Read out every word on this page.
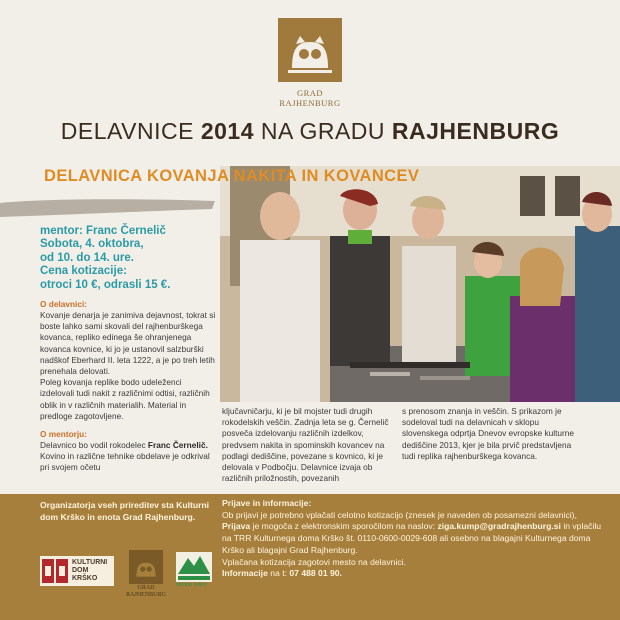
GRAD
RAJHENBURG
DELAVNICE 2014 NA GRADU RAJHENBURG
DELAVNICA KOVANJA NAKITA IN KOVANCEV
mentor: Franc Černelič
Sobota, 4. oktobra,
od 10. do 14. ure.
Cena kotizacije:
otroci 10 €, odrasli 15 €.
O delavnici:
Kovanje denarja je zanimiva dejavnost, tokrat si boste lahko sami skovali del rajhenburškega kovanca, repliko edinega še ohranjenega kovanca kovnice, ki jo je ustanovil salzburški nadškof Eberhard II. leta 1222, a je po treh letih prenehala delovati.
Poleg kovanja replike bodo udeleženci izdelovali tudi nakit z različnimi odtisi, različnih oblik in v različnih materialih. Material in predloge zagotovljene.
O mentorju:
Delavnico bo vodil rokodelec Franc Černelič. Kovino in različne tehnike obdelave je odkrival pri svojem očetu
ključavničarju, ki je bil mojster tudi drugih rokodelskih veščin. Zadnja leta se g. Černelič posveča izdelovanju različnih izdelkov, predvsem nakita in spominskih kovancev na podlagi dediščine, povezane s kovnico, ki je delovala v Podbočju. Delavnice izvaja ob različnih priložnostih, povezanih
s prenosom znanja in veščin. S prikazom je sodeloval tudi na delavnicah v sklopu slovenskega odprtja Dnevov evropske kulturne dediščine 2013, kjer je bila prvič predstavljena tudi replika rajhenburškega kovanca.
Organizatorja vseh prireditev sta Kulturni dom Krško in enota Grad Rajhenburg.
KULTURNI
DOM
KRŠKO
GRAD
RAJHENBURG
občina krško
Prijave in informacije:
Ob prijavi je potrebno vplačati celotno kotizacijo (znesek je naveden ob posamezni delavnici), Prijava je mogoča z elektronskim sporočilom na naslov: ziga.kump@gradrajhenburg.si in vplačilu na TRR Kulturnega doma Krško št. 0110-0600-0029-608 ali osebno na blagajni Kulturnega doma Krško ali blagajni Grad Rajhenburg.
Vplačana kotizacija zagotovi mesto na delavnici.
Informacije na t: 07 488 01 90.
